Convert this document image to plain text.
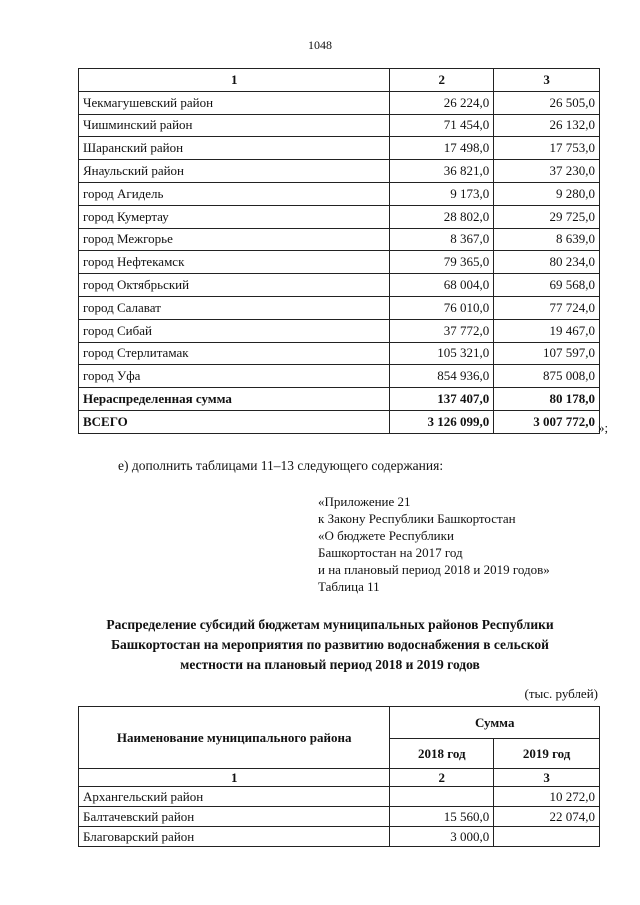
1048
1	2	3
Чекмагушевский район	26 224,0	26 505,0
Чишминский район	71 454,0	26 132,0
Шаранский район	17 498,0	17 753,0
Янаульский район	36 821,0	37 230,0
город Агидель	9 173,0	9 280,0
город Кумертау	28 802,0	29 725,0
город Межгорье	8 367,0	8 639,0
город Нефтекамск	79 365,0	80 234,0
город Октябрьский	68 004,0	69 568,0
город Салават	76 010,0	77 724,0
город Сибай	37 772,0	19 467,0
город Стерлитамак	105 321,0	107 597,0
город Уфа	854 936,0	875 008,0
Нераспределенная сумма	137 407,0	80 178,0
ВСЕГО	3 126 099,0	3 007 772,0 »;
е) дополнить таблицами 11–13 следующего содержания:
«Приложение 21
к Закону Республики Башкортостан
«О бюджете Республики
Башкортостан на 2017 год
и на плановый период 2018 и 2019 годов»
Таблица 11
Распределение субсидий бюджетам муниципальных районов Республики
Башкортостан на мероприятия по развитию водоснабжения в сельской
местности на плановый период 2018 и 2019 годов
(тыс. рублей)
Наименование муниципального района	Сумма	
	2018 год	2019 год
1	2	3
Архангельский район		10 272,0
Балтачевский район	15 560,0	22 074,0
Благоварский район	3 000,0	
